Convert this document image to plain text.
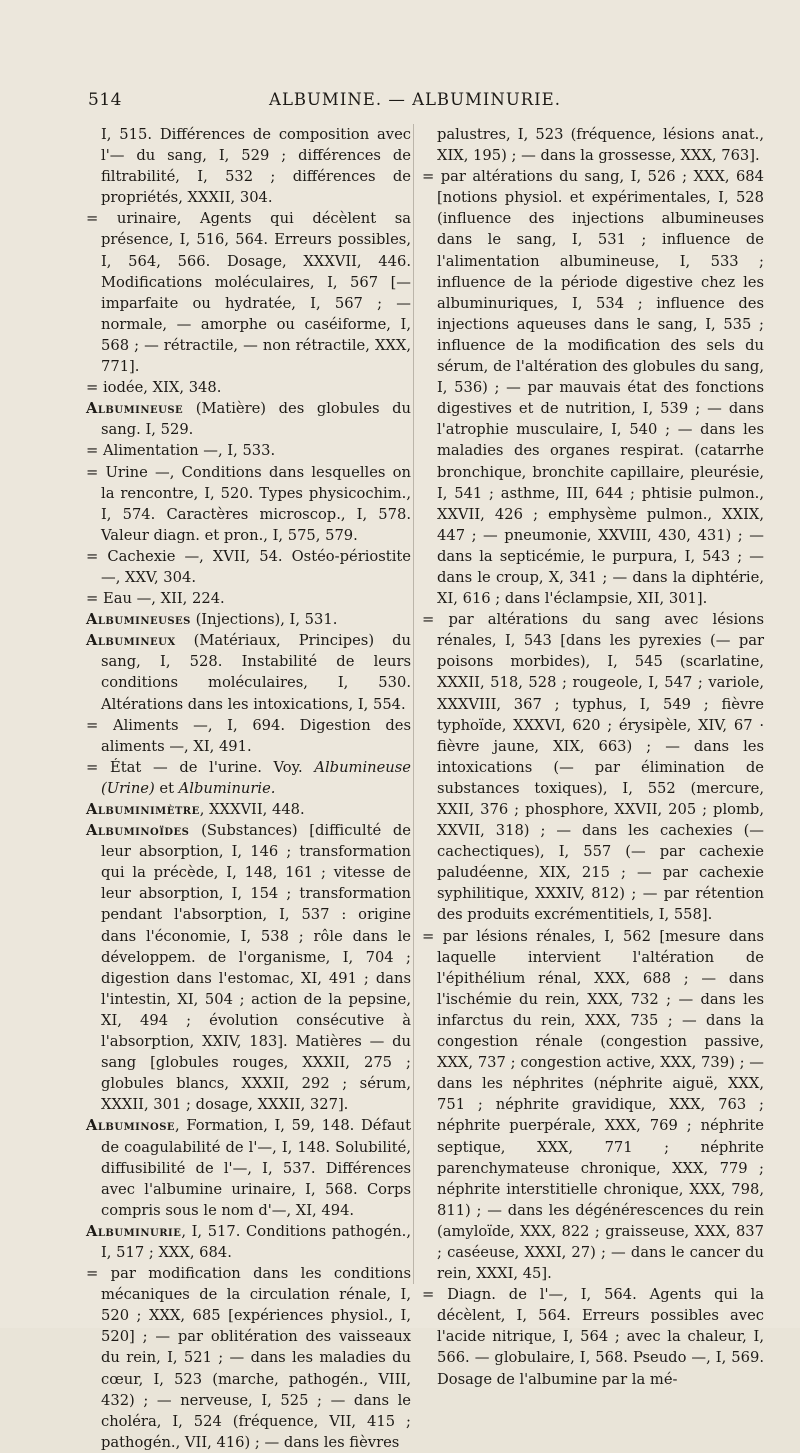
514	ALBUMINE. — ALBUMINURIE.

I, 515. Différences de composition avec l'— du sang, I, 529 ; différences de filtrabilité, I, 532 ; différences de propriétés, XXXII, 304.

= urinaire, Agents qui décèlent sa présence, I, 516, 564. Erreurs possibles, I, 564, 566. Dosage, XXXVII, 446. Modifications moléculaires, I, 567 [— imparfaite ou hydratée, I, 567 ; — normale, — amorphe ou caséiforme, I, 568 ; — rétractile, — non rétractile, XXX, 771].

= iodée, XIX, 348.

Albumineuse (Matière) des globules du sang. I, 529.

= Alimentation —, I, 533.

= Urine —, Conditions dans lesquelles on la rencontre, I, 520. Types physicochim., I, 574. Caractères microscop., I, 578. Valeur diagn. et pron., I, 575, 579.

= Cachexie —, XVII, 54. Ostéo-périostite —, XXV, 304.

= Eau —, XII, 224.

Albumineuses (Injections), I, 531.

Albumineux (Matériaux, Principes) du sang, I, 528. Instabilité de leurs conditions moléculaires, I, 530. Altérations dans les intoxications, I, 554.

= Aliments —, I, 694. Digestion des aliments —, XI, 491.

= État — de l'urine. Voy. Albumineuse (Urine) et Albuminurie.

Albuminimètre, XXXVII, 448.

Albuminoïdes (Substances) [difficulté de leur absorption, I, 146 ; transformation qui la précède, I, 148, 161 ; vitesse de leur absorption, I, 154 ; transformation pendant l'absorption, I, 537 : origine dans l'économie, I, 538 ; rôle dans le développem. de l'organisme, I, 704 ; digestion dans l'estomac, XI, 491 ; dans l'intestin, XI, 504 ; action de la pepsine, XI, 494 ; évolution consécutive à l'absorption, XXIV, 183]. Matières — du sang [globules rouges, XXXII, 275 ; globules blancs, XXXII, 292 ; sérum, XXXII, 301 ; dosage, XXXII, 327].

Albuminose, Formation, I, 59, 148. Défaut de coagulabilité de l'—, I, 148. Solubilité, diffusibilité de l'—, I, 537. Différences avec l'albumine urinaire, I, 568. Corps compris sous le nom d'—, XI, 494.

Albuminurie, I, 517. Conditions pathogén., I, 517 ; XXX, 684.

= par modification dans les conditions mécaniques de la circulation rénale, I, 520 ; XXX, 685 [expériences physiol., I, 520] ; — par oblitération des vaisseaux du rein, I, 521 ; — dans les maladies du cœur, I, 523 (marche, pathogén., VIII, 432) ; — nerveuse, I, 525 ; — dans le choléra, I, 524 (fréquence, VII, 415 ; pathogén., VII, 416) ; — dans les fièvres

palustres, I, 523 (fréquence, lésions anat., XIX, 195) ; — dans la grossesse, XXX, 763].

= par altérations du sang, I, 526 ; XXX, 684 [notions physiol. et expérimentales, I, 528 (influence des injections albumineuses dans le sang, I, 531 ; influence de l'alimentation albumineuse, I, 533 ; influence de la période digestive chez les albuminuriques, I, 534 ; influence des injections aqueuses dans le sang, I, 535 ; influence de la modification des sels du sérum, de l'altération des globules du sang, I, 536) ; — par mauvais état des fonctions digestives et de nutrition, I, 539 ; — dans l'atrophie musculaire, I, 540 ; — dans les maladies des organes respirat. (catarrhe bronchique, bronchite capillaire, pleurésie, I, 541 ; asthme, III, 644 ; phtisie pulmon., XXVII, 426 ; emphysème pulmon., XXIX, 447 ; — pneumonie, XXVIII, 430, 431) ; — dans la septicémie, le purpura, I, 543 ; — dans le croup, X, 341 ; — dans la diphtérie, XI, 616 ; dans l'éclampsie, XII, 301].

= par altérations du sang avec lésions rénales, I, 543 [dans les pyrexies (— par poisons morbides), I, 545 (scarlatine, XXXII, 518, 528 ; rougeole, I, 547 ; variole, XXXVIII, 367 ; typhus, I, 549 ; fièvre typhoïde, XXXVI, 620 ; érysipèle, XIV, 67 · fièvre jaune, XIX, 663) ; — dans les intoxications (— par élimination de substances toxiques), I, 552 (mercure, XXII, 376 ; phosphore, XXVII, 205 ; plomb, XXVII, 318) ; — dans les cachexies (— cachectiques), I, 557 (— par cachexie paludéenne, XIX, 215 ; — par cachexie syphilitique, XXXIV, 812) ; — par rétention des produits excrémentitiels, I, 558].

= par lésions rénales, I, 562 [mesure dans laquelle intervient l'altération de l'épithélium rénal, XXX, 688 ; — dans l'ischémie du rein, XXX, 732 ; — dans les infarctus du rein, XXX, 735 ; — dans la congestion rénale (congestion passive, XXX, 737 ; congestion active, XXX, 739) ; — dans les néphrites (néphrite aiguë, XXX, 751 ; néphrite gravidique, XXX, 763 ; néphrite puerpérale, XXX, 769 ; néphrite septique, XXX, 771 ; néphrite parenchymateuse chronique, XXX, 779 ; néphrite interstitielle chronique, XXX, 798, 811) ; — dans les dégénérescences du rein (amyloïde, XXX, 822 ; graisseuse, XXX, 837 ; caséeuse, XXXI, 27) ; — dans le cancer du rein, XXXI, 45].

= Diagn. de l'—, I, 564. Agents qui la décèlent, I, 564. Erreurs possibles avec l'acide nitrique, I, 564 ; avec la chaleur, I, 566. — globulaire, I, 568. Pseudo —, I, 569. Dosage de l'albumine par la mé-
